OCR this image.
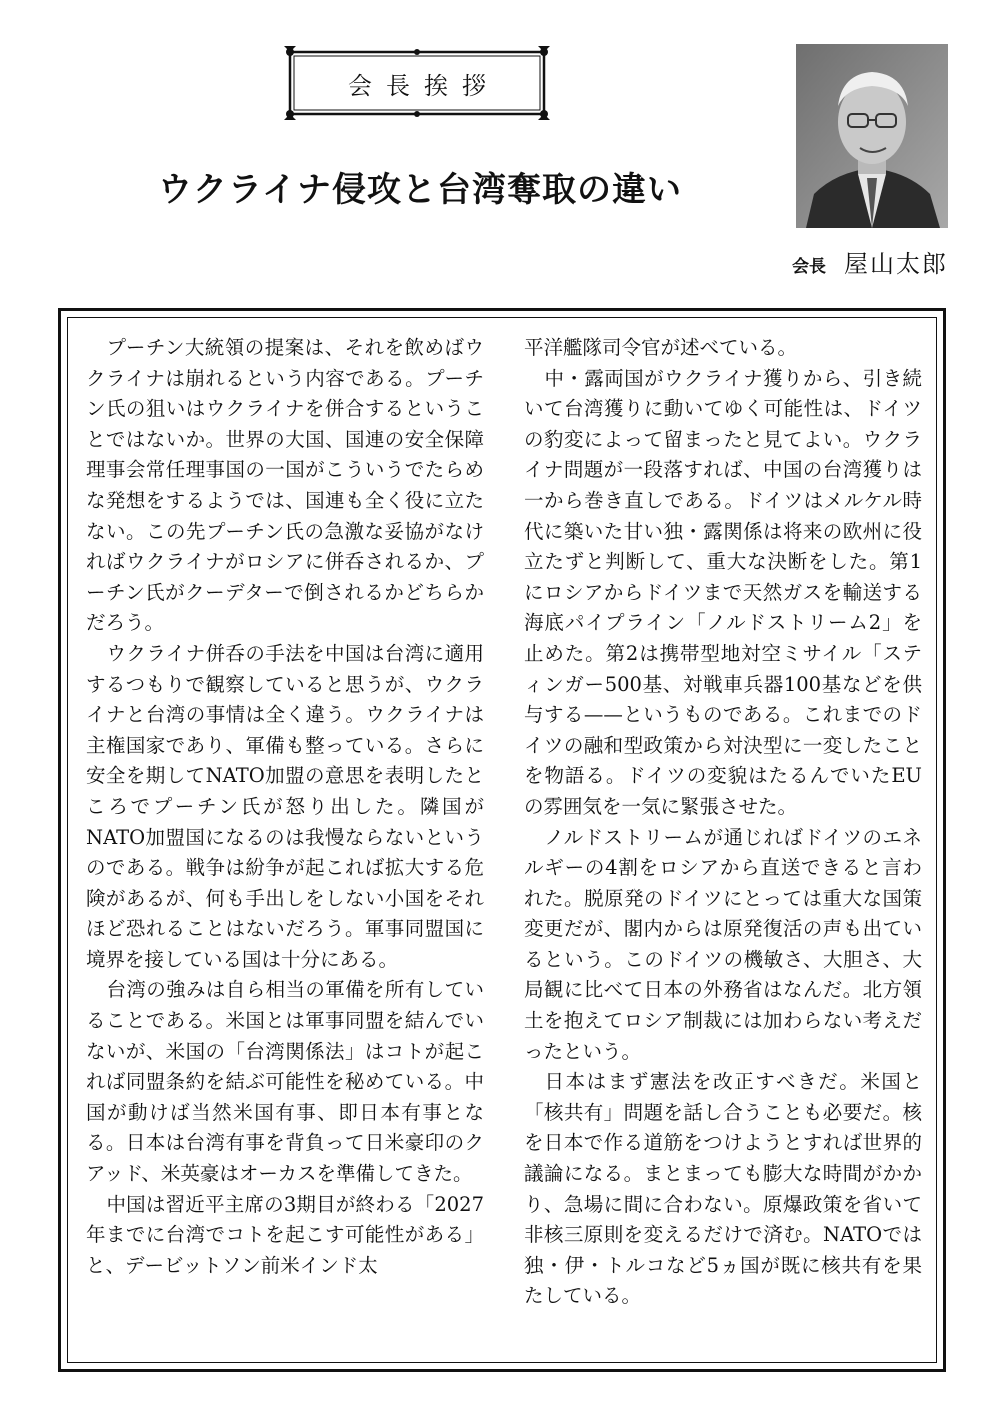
会長挨拶
ウクライナ侵攻と台湾奪取の違い
会長 屋山太郎

プーチン大統領の提案は、それを飲めばウクライナは崩れるという内容である。プーチン氏の狙いはウクライナを併合するということではないか。世界の大国、国連の安全保障理事会常任理事国の一国がこういうでたらめな発想をするようでは、国連も全く役に立たない。この先プーチン氏の急激な妥協がなければウクライナがロシアに併呑されるか、プーチン氏がクーデターで倒されるかどちらかだろう。

ウクライナ併呑の手法を中国は台湾に適用するつもりで観察していると思うが、ウクライナと台湾の事情は全く違う。ウクライナは主権国家であり、軍備も整っている。さらに安全を期してNATO加盟の意思を表明したところでプーチン氏が怒り出した。隣国がNATO加盟国になるのは我慢ならないというのである。戦争は紛争が起これば拡大する危険があるが、何も手出しをしない小国をそれほど恐れることはないだろう。軍事同盟国に境界を接している国は十分にある。

台湾の強みは自ら相当の軍備を所有していることである。米国とは軍事同盟を結んでいないが、米国の「台湾関係法」はコトが起これば同盟条約を結ぶ可能性を秘めている。中国が動けば当然米国有事、即日本有事となる。日本は台湾有事を背負って日米豪印のクアッド、米英豪はオーカスを準備してきた。

中国は習近平主席の3期目が終わる「2027年までに台湾でコトを起こす可能性がある」と、デービットソン前米インド太

平洋艦隊司令官が述べている。

中・露両国がウクライナ獲りから、引き続いて台湾獲りに動いてゆく可能性は、ドイツの豹変によって留まったと見てよい。ウクライナ問題が一段落すれば、中国の台湾獲りは一から巻き直しである。ドイツはメルケル時代に築いた甘い独・露関係は将来の欧州に役立たずと判断して、重大な決断をした。第1にロシアからドイツまで天然ガスを輸送する海底パイプライン「ノルドストリーム2」を止めた。第2は携帯型地対空ミサイル「スティンガー500基、対戦車兵器100基などを供与する——というものである。これまでのドイツの融和型政策から対決型に一変したことを物語る。ドイツの変貌はたるんでいたEUの雰囲気を一気に緊張させた。

ノルドストリームが通じればドイツのエネルギーの4割をロシアから直送できると言われた。脱原発のドイツにとっては重大な国策変更だが、閣内からは原発復活の声も出ているという。このドイツの機敏さ、大胆さ、大局観に比べて日本の外務省はなんだ。北方領土を抱えてロシア制裁には加わらない考えだったという。

日本はまず憲法を改正すべきだ。米国と「核共有」問題を話し合うことも必要だ。核を日本で作る道筋をつけようとすれば世界的議論になる。まとまっても膨大な時間がかかり、急場に間に合わない。原爆政策を省いて非核三原則を変えるだけで済む。NATOでは独・伊・トルコなど5ヵ国が既に核共有を果たしている。
